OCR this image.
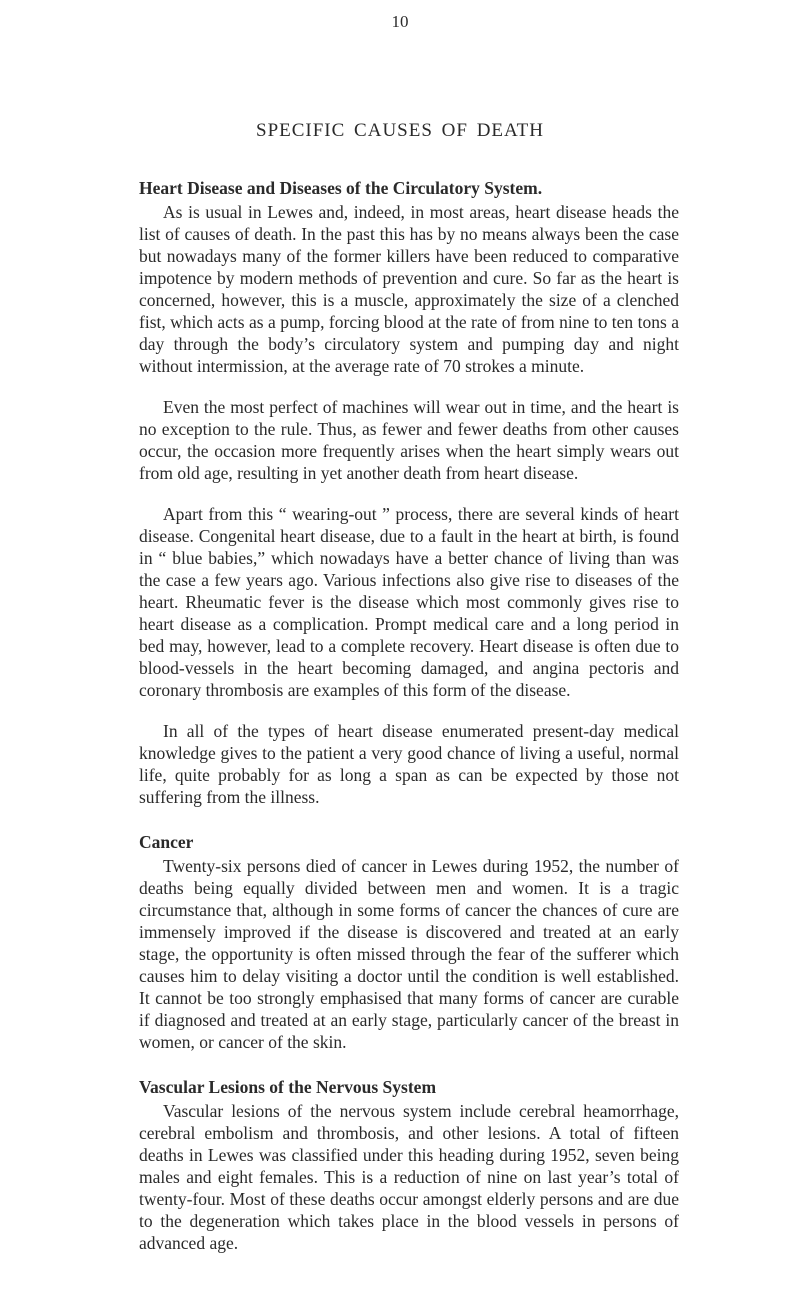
10
SPECIFIC CAUSES OF DEATH
Heart Disease and Diseases of the Circulatory System.

As is usual in Lewes and, indeed, in most areas, heart disease heads the list of causes of death. In the past this has by no means always been the case but nowadays many of the former killers have been reduced to comparative impotence by modern methods of prevention and cure. So far as the heart is concerned, however, this is a muscle, approximately the size of a clenched fist, which acts as a pump, forcing blood at the rate of from nine to ten tons a day through the body’s circulatory system and pumping day and night without intermission, at the average rate of 70 strokes a minute.

Even the most perfect of machines will wear out in time, and the heart is no exception to the rule. Thus, as fewer and fewer deaths from other causes occur, the occasion more frequently arises when the heart simply wears out from old age, resulting in yet another death from heart disease.

Apart from this “ wearing-out ” process, there are several kinds of heart disease. Congenital heart disease, due to a fault in the heart at birth, is found in “ blue babies,” which nowadays have a better chance of living than was the case a few years ago. Various infections also give rise to diseases of the heart. Rheumatic fever is the disease which most commonly gives rise to heart disease as a complication. Prompt medical care and a long period in bed may, however, lead to a complete recovery. Heart disease is often due to blood-vessels in the heart becoming damaged, and angina pectoris and coronary thrombosis are examples of this form of the disease.

In all of the types of heart disease enumerated present-day medical knowledge gives to the patient a very good chance of living a useful, normal life, quite probably for as long a span as can be expected by those not suffering from the illness.

Cancer

Twenty-six persons died of cancer in Lewes during 1952, the number of deaths being equally divided between men and women. It is a tragic circumstance that, although in some forms of cancer the chances of cure are immensely improved if the disease is discovered and treated at an early stage, the opportunity is often missed through the fear of the sufferer which causes him to delay visiting a doctor until the condition is well established. It cannot be too strongly emphasised that many forms of cancer are curable if diagnosed and treated at an early stage, particularly cancer of the breast in women, or cancer of the skin.

Vascular Lesions of the Nervous System

Vascular lesions of the nervous system include cerebral heamorrhage, cerebral embolism and thrombosis, and other lesions. A total of fifteen deaths in Lewes was classified under this heading during 1952, seven being males and eight females. This is a reduction of nine on last year’s total of twenty-four. Most of these deaths occur amongst elderly persons and are due to the degeneration which takes place in the blood vessels in persons of advanced age.
